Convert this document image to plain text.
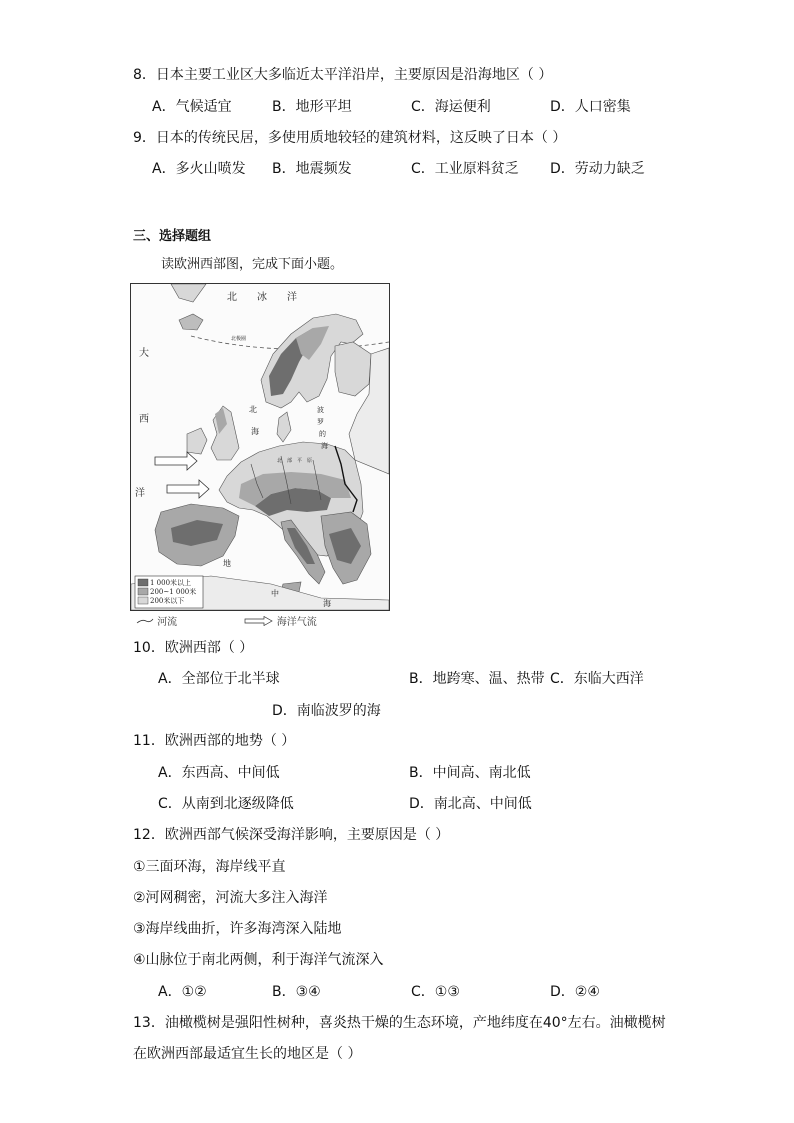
8．日本主要工业区大多临近太平洋沿岸，主要原因是沿海地区（ ）
A．气候适宜	B．地形平坦	C．海运便利	D．人口密集
9．日本的传统民居，多使用质地较轻的建筑材料，这反映了日本（ ）
A．多火山喷发 B．地震频发	C．工业原料贫乏 D．劳动力缺乏
三、选择题组
读欧洲西部图，完成下面小题。
北 冰 洋
北极圈
大
西
洋
北
海
波
罗
的
海
北 部 平 原
地
中
海
1 000米以上
200~1 000米
200米以下
河流	海洋气流
10．欧洲西部（ ）
A．全部位于北半球	B．地跨寒、温、热带 C．东临大西洋
D．南临波罗的海
11．欧洲西部的地势（ ）
A．东西高、中间低	B．中间高、南北低
C．从南到北逐级降低	D．南北高、中间低
12．欧洲西部气候深受海洋影响，主要原因是（ ）
①三面环海，海岸线平直
②河网稠密，河流大多注入海洋
③海岸线曲折，许多海湾深入陆地
④山脉位于南北两侧，利于海洋气流深入
A．①②	B．③④	C．①③	D．②④
13．油橄榄树是强阳性树种，喜炎热干燥的生态环境，产地纬度在40°左右。油橄榄树
在欧洲西部最适宜生长的地区是（ ）
